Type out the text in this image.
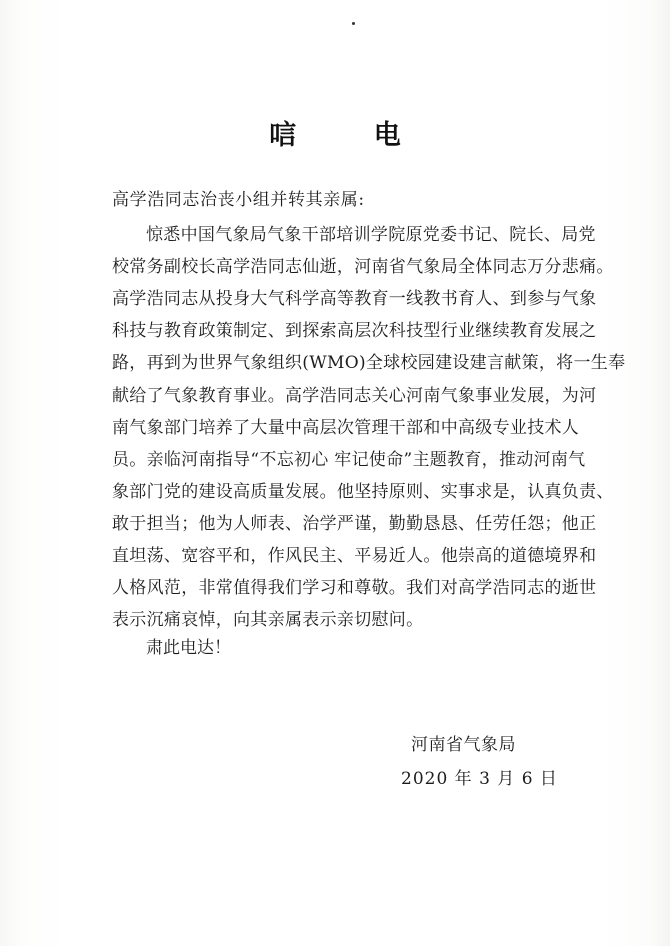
唁 电
高学浩同志治丧小组并转其亲属:
惊悉中国气象局气象干部培训学院原党委书记、院长、局党
校常务副校长高学浩同志仙逝，河南省气象局全体同志万分悲痛。
高学浩同志从投身大气科学高等教育一线教书育人、到参与气象
科技与教育政策制定、到探索高层次科技型行业继续教育发展之
路，再到为世界气象组织(WMO)全球校园建设建言献策，将一生奉
献给了气象教育事业。高学浩同志关心河南气象事业发展，为河
南气象部门培养了大量中高层次管理干部和中高级专业技术人
员。亲临河南指导“不忘初心 牢记使命”主题教育，推动河南气
象部门党的建设高质量发展。他坚持原则、实事求是，认真负责、
敢于担当；他为人师表、治学严谨，勤勤恳恳、任劳任怨；他正
直坦荡、宽容平和，作风民主、平易近人。他崇高的道德境界和
人格风范，非常值得我们学习和尊敬。我们对高学浩同志的逝世
表示沉痛哀悼，向其亲属表示亲切慰问。
肃此电达！
河南省气象局
2020 年 3 月 6 日
